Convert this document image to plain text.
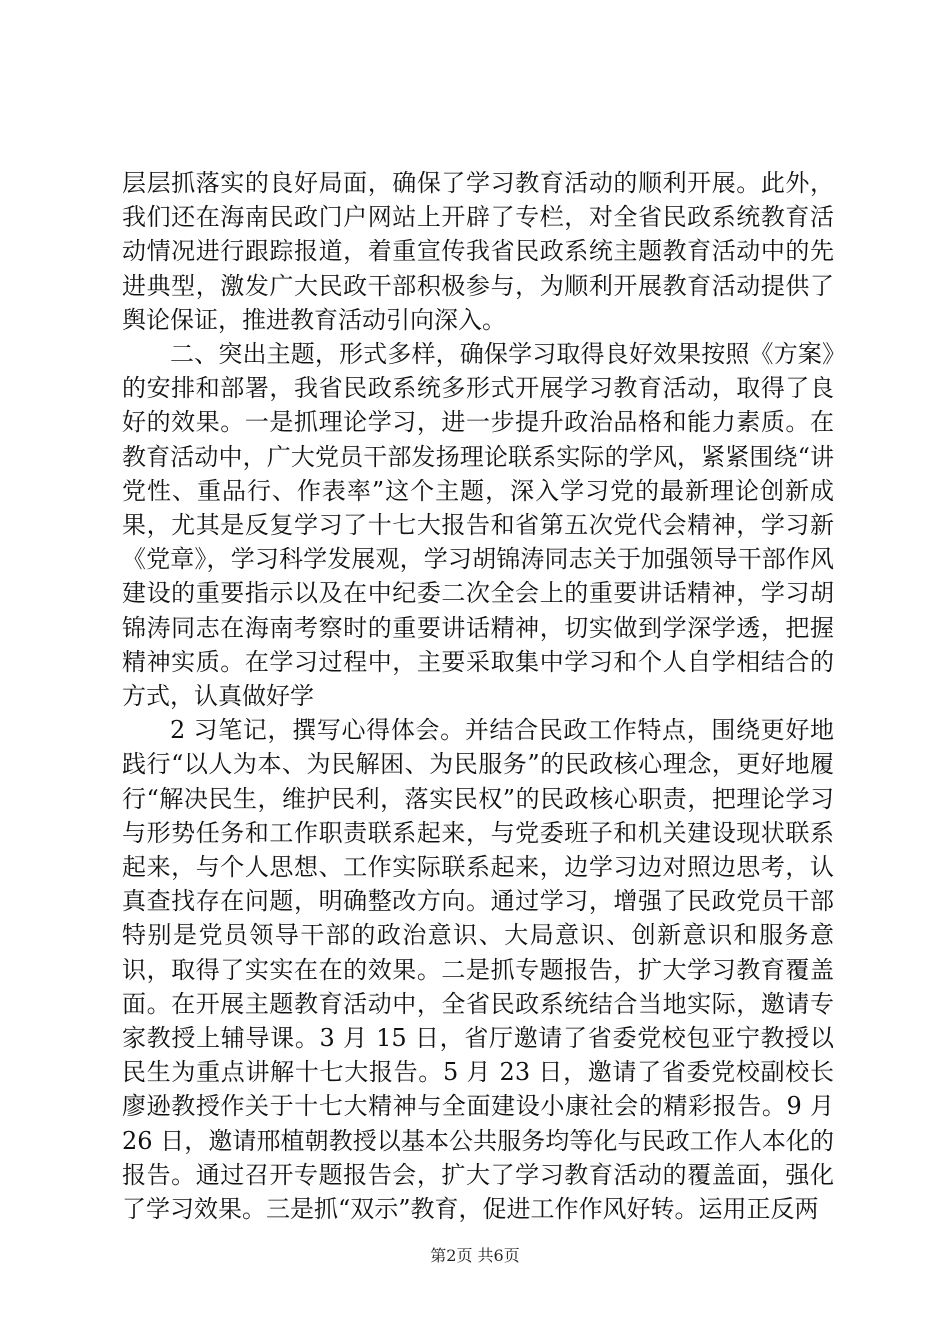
层层抓落实的良好局面，确保了学习教育活动的顺利开展。此外，我们还在海南民政门户网站上开辟了专栏，对全省民政系统教育活动情况进行跟踪报道，着重宣传我省民政系统主题教育活动中的先进典型，激发广大民政干部积极参与，为顺利开展教育活动提供了舆论保证，推进教育活动引向深入。

二、突出主题，形式多样，确保学习取得良好效果按照《方案》的安排和部署，我省民政系统多形式开展学习教育活动，取得了良好的效果。一是抓理论学习，进一步提升政治品格和能力素质。在教育活动中，广大党员干部发扬理论联系实际的学风，紧紧围绕“讲党性、重品行、作表率”这个主题，深入学习党的最新理论创新成果，尤其是反复学习了十七大报告和省第五次党代会精神，学习新《党章》，学习科学发展观，学习胡锦涛同志关于加强领导干部作风建设的重要指示以及在中纪委二次全会上的重要讲话精神，学习胡锦涛同志在海南考察时的重要讲话精神，切实做到学深学透，把握精神实质。在学习过程中，主要采取集中学习和个人自学相结合的方式，认真做好学

2 习笔记，撰写心得体会。并结合民政工作特点，围绕更好地践行“以人为本、为民解困、为民服务”的民政核心理念，更好地履行“解决民生，维护民利，落实民权”的民政核心职责，把理论学习与形势任务和工作职责联系起来，与党委班子和机关建设现状联系起来，与个人思想、工作实际联系起来，边学习边对照边思考，认真查找存在问题，明确整改方向。通过学习，增强了民政党员干部特别是党员领导干部的政治意识、大局意识、创新意识和服务意识，取得了实实在在的效果。二是抓专题报告，扩大学习教育覆盖面。在开展主题教育活动中，全省民政系统结合当地实际，邀请专家教授上辅导课。3 月 15 日，省厅邀请了省委党校包亚宁教授以民生为重点讲解十七大报告。5 月 23 日，邀请了省委党校副校长廖逊教授作关于十七大精神与全面建设小康社会的精彩报告。9 月 26 日，邀请邢植朝教授以基本公共服务均等化与民政工作人本化的报告。通过召开专题报告会，扩大了学习教育活动的覆盖面，强化了学习效果。三是抓“双示”教育，促进工作作风好转。运用正反两

第2页 共6页
